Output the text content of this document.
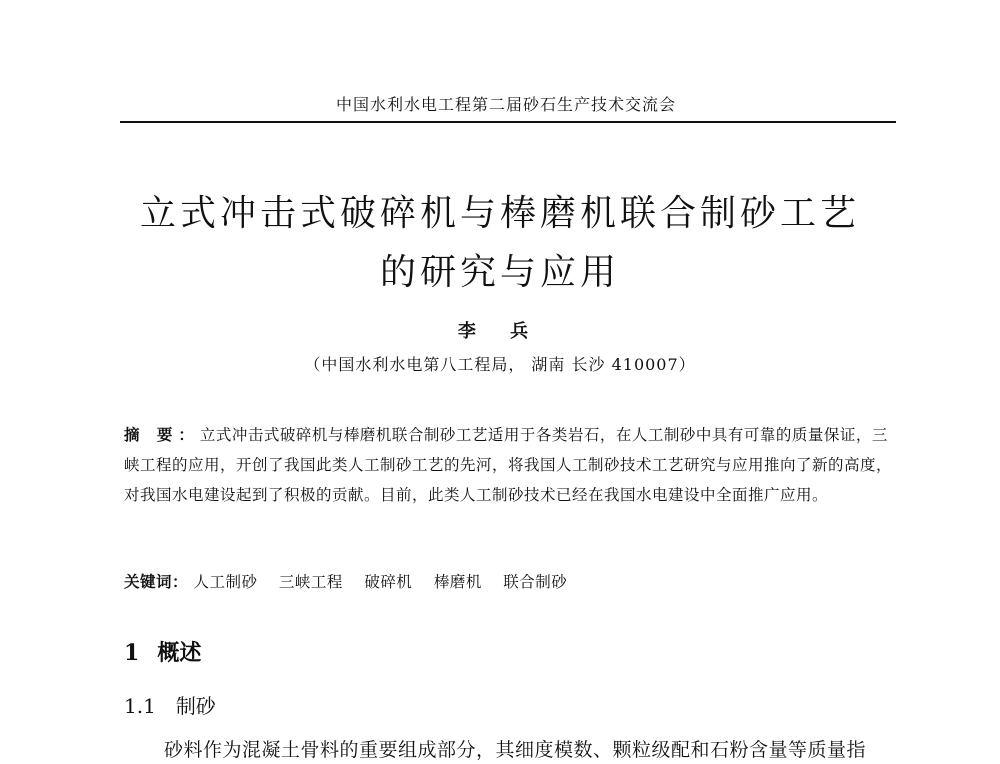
中国水利水电工程第二届砂石生产技术交流会
立式冲击式破碎机与棒磨机联合制砂工艺
的研究与应用
李 兵
（中国水利水电第八工程局， 湖南 长沙 410007）
摘 要：立式冲击式破碎机与棒磨机联合制砂工艺适用于各类岩石，在人工制砂中具有可靠的质量保证，三峡工程的应用，开创了我国此类人工制砂工艺的先河，将我国人工制砂技术工艺研究与应用推向了新的高度，对我国水电建设起到了积极的贡献。目前，此类人工制砂技术已经在我国水电建设中全面推广应用。
关键词： 人工制砂 三峡工程 破碎机 棒磨机 联合制砂
1 概述
1.1 制砂
砂料作为混凝土骨料的重要组成部分，其细度模数、颗粒级配和石粉含量等质量指
